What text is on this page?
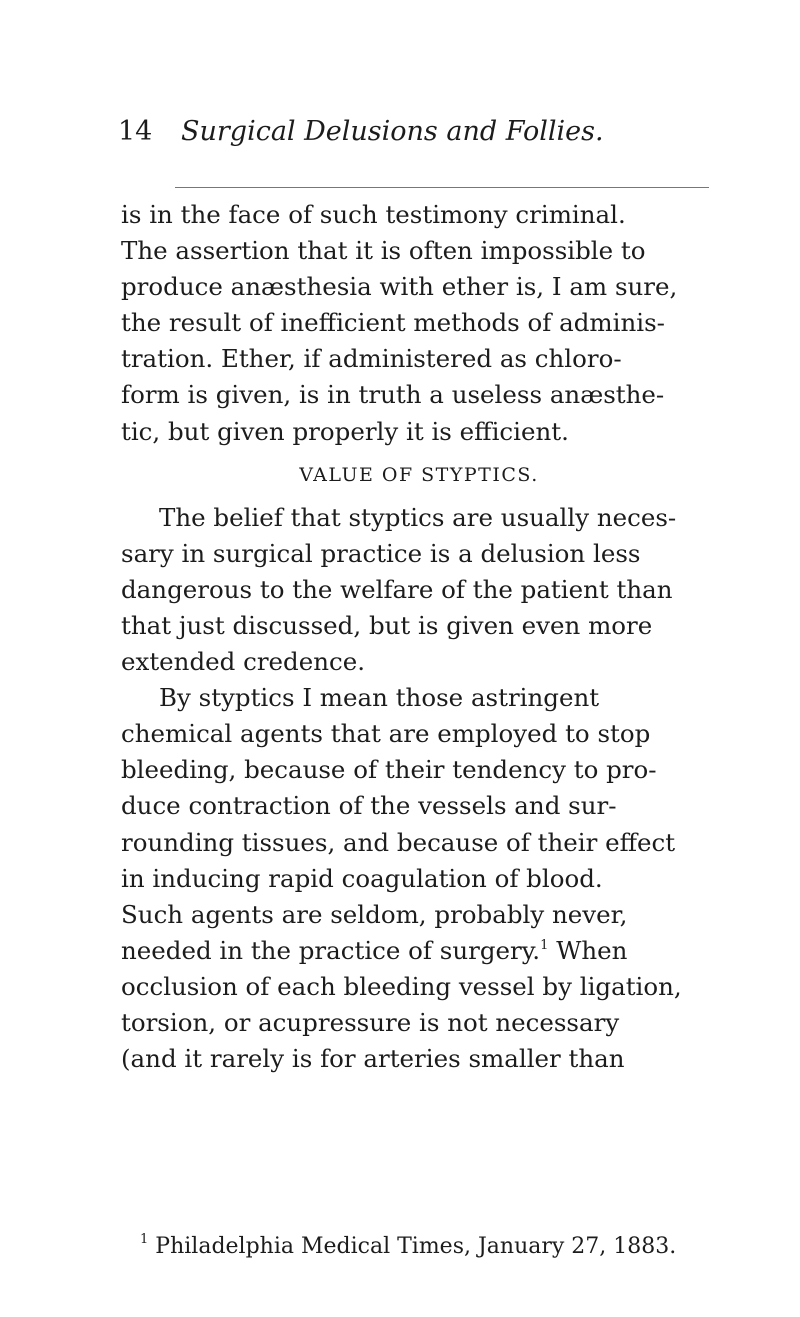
14 Surgical Delusions and Follies.
is in the face of such testimony criminal.
The assertion that it is often impossible to
produce anæsthesia with ether is, I am sure,
the result of inefficient methods of adminis-
tration. Ether, if administered as chloro-
form is given, is in truth a useless anæsthe-
tic, but given properly it is efficient.
VALUE OF STYPTICS.
The belief that styptics are usually neces-
sary in surgical practice is a delusion less
dangerous to the welfare of the patient than
that just discussed, but is given even more
extended credence.
By styptics I mean those astringent
chemical agents that are employed to stop
bleeding, because of their tendency to pro-
duce contraction of the vessels and sur-
rounding tissues, and because of their effect
in inducing rapid coagulation of blood.
Such agents are seldom, probably never,
needed in the practice of surgery.$^1$ When
occlusion of each bleeding vessel by ligation,
torsion, or acupressure is not necessary
(and it rarely is for arteries smaller than
$^1$ Philadelphia Medical Times, January 27, 1883.
